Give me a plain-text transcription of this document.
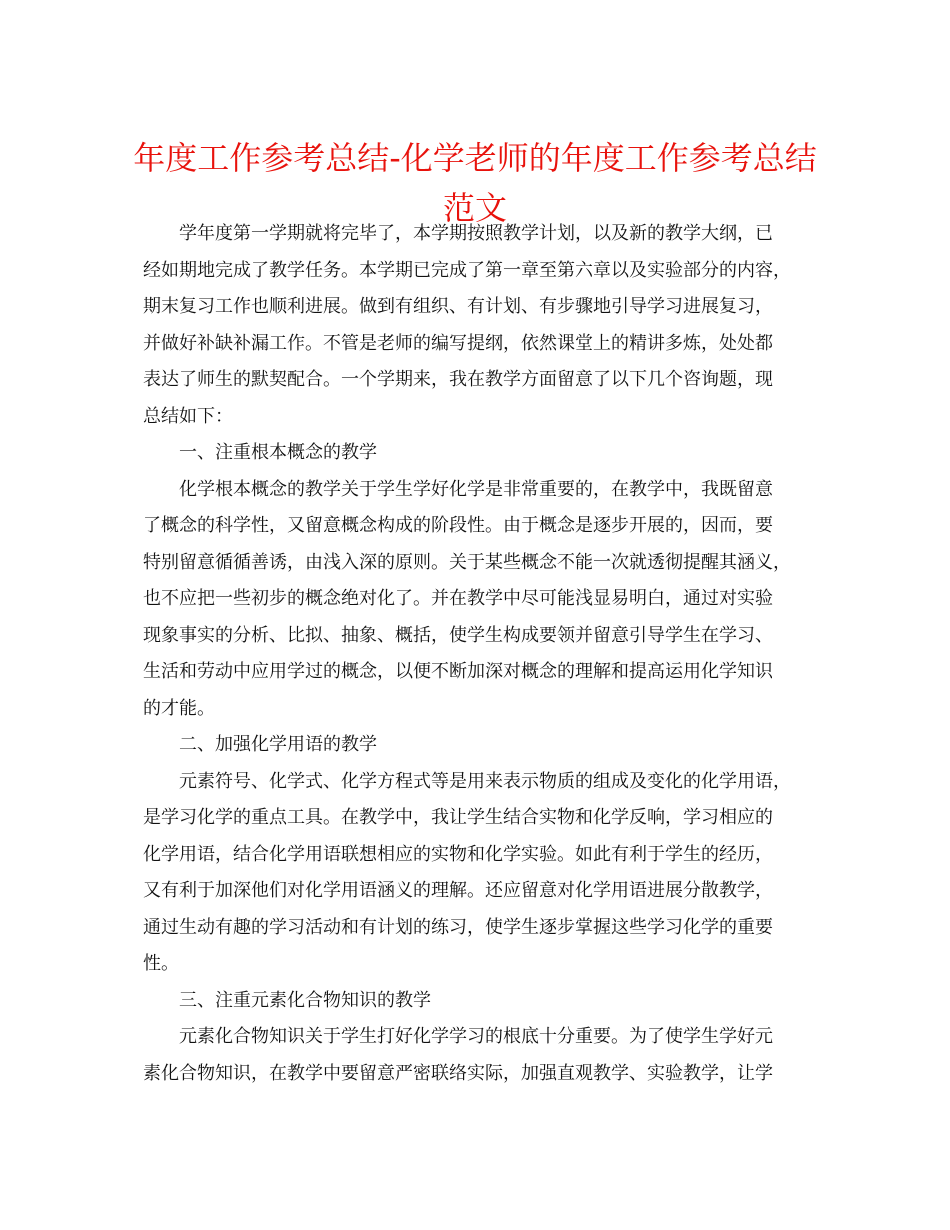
年度工作参考总结-化学老师的年度工作参考总结
范文
学年度第一学期就将完毕了，本学期按照教学计划，以及新的教学大纲，已
经如期地完成了教学任务。本学期已完成了第一章至第六章以及实验部分的内容，
期末复习工作也顺利进展。做到有组织、有计划、有步骤地引导学习进展复习，
并做好补缺补漏工作。不管是老师的编写提纲，依然课堂上的精讲多炼，处处都
表达了师生的默契配合。一个学期来，我在教学方面留意了以下几个咨询题，现
总结如下：
一、注重根本概念的教学
化学根本概念的教学关于学生学好化学是非常重要的，在教学中，我既留意
了概念的科学性，又留意概念构成的阶段性。由于概念是逐步开展的，因而，要
特别留意循循善诱，由浅入深的原则。关于某些概念不能一次就透彻提醒其涵义，
也不应把一些初步的概念绝对化了。并在教学中尽可能浅显易明白，通过对实验
现象事实的分析、比拟、抽象、概括，使学生构成要领并留意引导学生在学习、
生活和劳动中应用学过的概念，以便不断加深对概念的理解和提高运用化学知识
的才能。
二、加强化学用语的教学
元素符号、化学式、化学方程式等是用来表示物质的组成及变化的化学用语，
是学习化学的重点工具。在教学中，我让学生结合实物和化学反响，学习相应的
化学用语，结合化学用语联想相应的实物和化学实验。如此有利于学生的经历，
又有利于加深他们对化学用语涵义的理解。还应留意对化学用语进展分散教学，
通过生动有趣的学习活动和有计划的练习，使学生逐步掌握这些学习化学的重要
性。
三、注重元素化合物知识的教学
元素化合物知识关于学生打好化学学习的根底十分重要。为了使学生学好元
素化合物知识，在教学中要留意严密联络实际，加强直观教学、实验教学，让学
